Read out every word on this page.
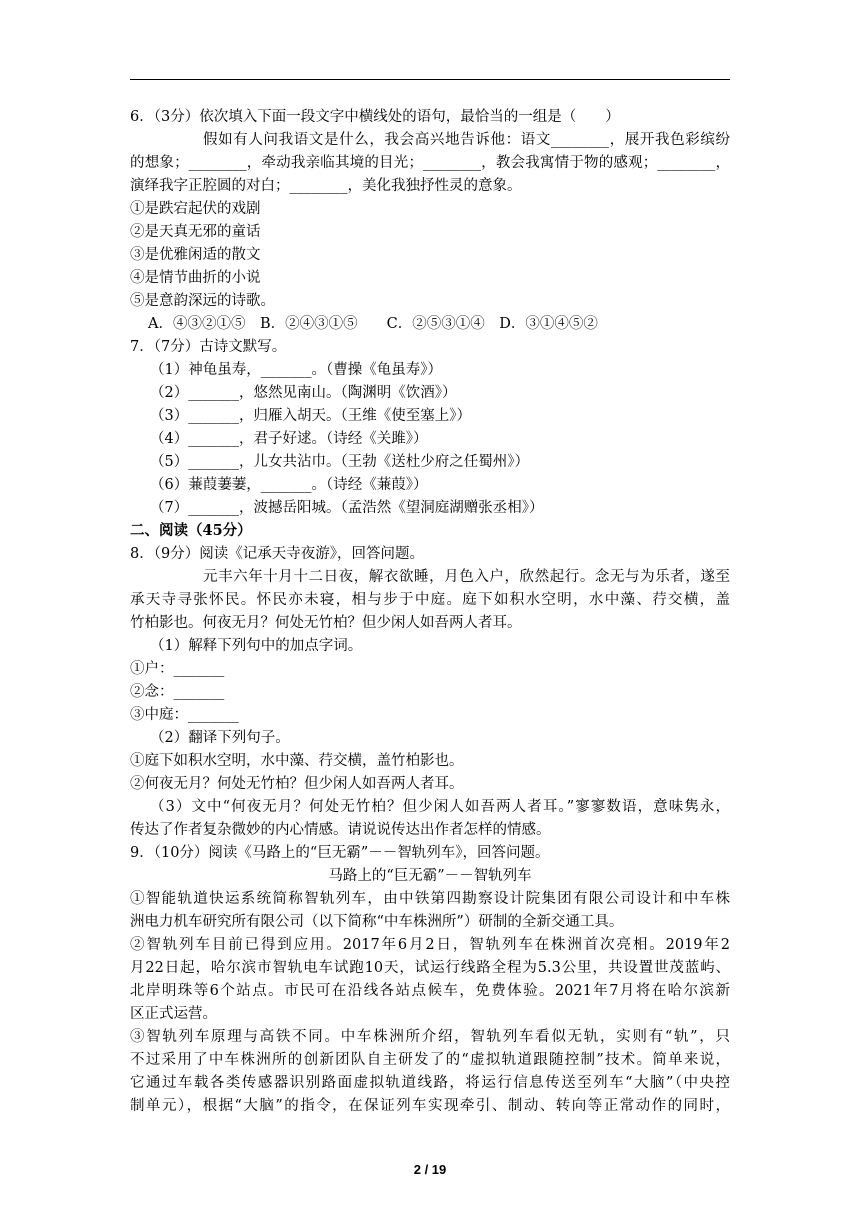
6．（3分）依次填入下面一段文字中横线处的语句，最恰当的一组是（　　）
假如有人问我语文是什么，我会高兴地告诉他：语文________，展开我色彩缤纷
的想象；________，牵动我亲临其境的目光；________，教会我寓情于物的感观；________，
演绎我字正腔圆的对白；________，美化我独抒性灵的意象。
①是跌宕起伏的戏剧
②是天真无邪的童话
③是优雅闲适的散文
④是情节曲折的小说
⑤是意韵深远的诗歌。
A．④③②①⑤　B．②④③①⑤　　C．②⑤③①④　D．③①④⑤②
7．（7分）古诗文默写。
（1）神龟虽寿，_______。（曹操《龟虽寿》）
（2）_______，悠然见南山。（陶渊明《饮酒》）
（3）_______，归雁入胡天。（王维《使至塞上》）
（4）_______，君子好逑。（诗经《关雎》）
（5）_______，儿女共沾巾。（王勃《送杜少府之任蜀州》）
（6）蒹葭萋萋，_______。（诗经《蒹葭》）
（7）_______，波撼岳阳城。（孟浩然《望洞庭湖赠张丞相》）
二、阅读（45分）
8．（9分）阅读《记承天寺夜游》，回答问题。
元丰六年十月十二日夜，解衣欲睡，月色入户，欣然起行。念无与为乐者，遂至
承天寺寻张怀民。怀民亦未寝，相与步于中庭。庭下如积水空明，水中藻、荇交横，盖
竹柏影也。何夜无月？何处无竹柏？但少闲人如吾两人者耳。
（1）解释下列句中的加点字词。
①户：_______
②念：_______
③中庭：_______
（2）翻译下列句子。
①庭下如积水空明，水中藻、荇交横，盖竹柏影也。
②何夜无月？何处无竹柏？但少闲人如吾两人者耳。
（3）文中“何夜无月？何处无竹柏？但少闲人如吾两人者耳。”寥寥数语，意味隽永，
传达了作者复杂微妙的内心情感。请说说传达出作者怎样的情感。
9．（10分）阅读《马路上的“巨无霸”－－智轨列车》，回答问题。
马路上的“巨无霸”－－智轨列车
①智能轨道快运系统简称智轨列车，由中铁第四勘察设计院集团有限公司设计和中车株
洲电力机车研究所有限公司（以下简称“中车株洲所”）研制的全新交通工具。
②智轨列车目前已得到应用。2017年6月2日，智轨列车在株洲首次亮相。2019年2
月22日起，哈尔滨市智轨电车试跑10天，试运行线路全程为5.3公里，共设置世茂蓝屿、
北岸明珠等6个站点。市民可在沿线各站点候车，免费体验。2021年7月将在哈尔滨新
区正式运营。
③智轨列车原理与高铁不同。中车株洲所介绍，智轨列车看似无轨，实则有“轨”，只
不过采用了中车株洲所的创新团队自主研发了的“虚拟轨道跟随控制”技术。简单来说，
它通过车载各类传感器识别路面虚拟轨道线路，将运行信息传送至列车“大脑”（中央控
制单元），根据“大脑”的指令，在保证列车实现牵引、制动、转向等正常动作的同时，
2 / 19
